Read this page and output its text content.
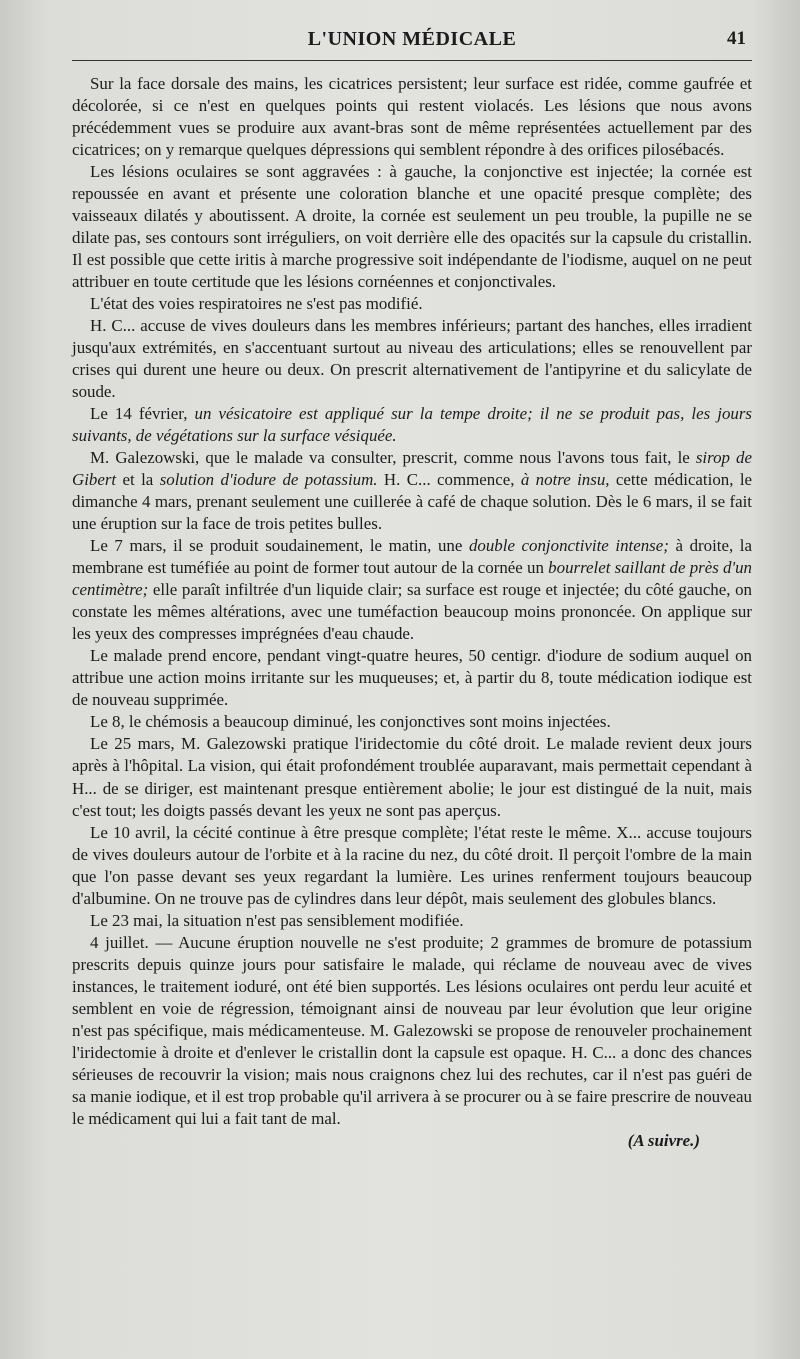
L'UNION MÉDICALE	41

Sur la face dorsale des mains, les cicatrices persistent; leur surface est ridée, comme gaufrée et décolorée, si ce n'est en quelques points qui restent violacés. Les lésions que nous avons précédemment vues se produire aux avant-bras sont de même représentées actuellement par des cicatrices; on y remarque quelques dépressions qui semblent répondre à des orifices pilosébacés.

Les lésions oculaires se sont aggravées : à gauche, la conjonctive est injectée; la cornée est repoussée en avant et présente une coloration blanche et une opacité presque complète; des vaisseaux dilatés y aboutissent. A droite, la cornée est seulement un peu trouble, la pupille ne se dilate pas, ses contours sont irréguliers, on voit derrière elle des opacités sur la capsule du cristallin. Il est possible que cette iritis à marche progressive soit indépendante de l'iodisme, auquel on ne peut attribuer en toute certitude que les lésions cornéennes et conjonctivales.

L'état des voies respiratoires ne s'est pas modifié.

H. C... accuse de vives douleurs dans les membres inférieurs; partant des hanches, elles irradient jusqu'aux extrémités, en s'accentuant surtout au niveau des articulations; elles se renouvellent par crises qui durent une heure ou deux. On prescrit alternativement de l'antipyrine et du salicylate de soude.

Le 14 février, un vésicatoire est appliqué sur la tempe droite; il ne se produit pas, les jours suivants, de végétations sur la surface vésiquée.

M. Galezowski, que le malade va consulter, prescrit, comme nous l'avons tous fait, le sirop de Gibert et la solution d'iodure de potassium. H. C... commence, à notre insu, cette médication, le dimanche 4 mars, prenant seulement une cuillerée à café de chaque solution. Dès le 6 mars, il se fait une éruption sur la face de trois petites bulles.

Le 7 mars, il se produit soudainement, le matin, une double conjonctivite intense; à droite, la membrane est tuméfiée au point de former tout autour de la cornée un bourrelet saillant de près d'un centimètre; elle paraît infiltrée d'un liquide clair; sa surface est rouge et injectée; du côté gauche, on constate les mêmes altérations, avec une tuméfaction beaucoup moins prononcée. On applique sur les yeux des compresses imprégnées d'eau chaude.

Le malade prend encore, pendant vingt-quatre heures, 50 centigr. d'iodure de sodium auquel on attribue une action moins irritante sur les muqueuses; et, à partir du 8, toute médication iodique est de nouveau supprimée.

Le 8, le chémosis a beaucoup diminué, les conjonctives sont moins injectées.

Le 25 mars, M. Galezowski pratique l'iridectomie du côté droit. Le malade revient deux jours après à l'hôpital. La vision, qui était profondément troublée auparavant, mais permettait cependant à H... de se diriger, est maintenant presque entièrement abolie; le jour est distingué de la nuit, mais c'est tout; les doigts passés devant les yeux ne sont pas aperçus.

Le 10 avril, la cécité continue à être presque complète; l'état reste le même. X... accuse toujours de vives douleurs autour de l'orbite et à la racine du nez, du côté droit. Il perçoit l'ombre de la main que l'on passe devant ses yeux regardant la lumière. Les urines renferment toujours beaucoup d'albumine. On ne trouve pas de cylindres dans leur dépôt, mais seulement des globules blancs.

Le 23 mai, la situation n'est pas sensiblement modifiée.

4 juillet. — Aucune éruption nouvelle ne s'est produite; 2 grammes de bromure de potassium prescrits depuis quinze jours pour satisfaire le malade, qui réclame de nouveau avec de vives instances, le traitement ioduré, ont été bien supportés. Les lésions oculaires ont perdu leur acuité et semblent en voie de régression, témoignant ainsi de nouveau par leur évolution que leur origine n'est pas spécifique, mais médicamenteuse. M. Galezowski se propose de renouveler prochainement l'iridectomie à droite et d'enlever le cristallin dont la capsule est opaque. H. C... a donc des chances sérieuses de recouvrir la vision; mais nous craignons chez lui des rechutes, car il n'est pas guéri de sa manie iodique, et il est trop probable qu'il arrivera à se procurer ou à se faire prescrire de nouveau le médicament qui lui a fait tant de mal.

(A suivre.)
